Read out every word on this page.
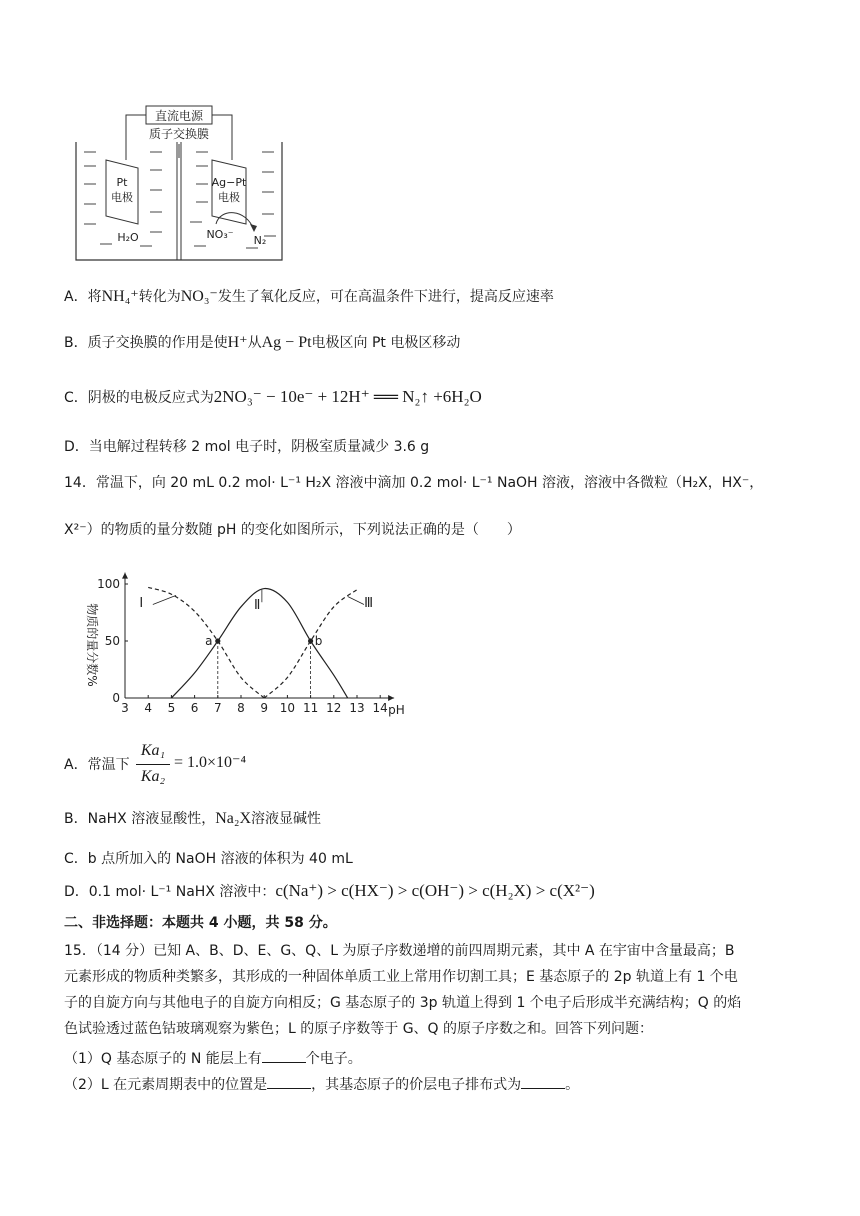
直流电源
质子交换膜
Pt
电极
H₂O
Ag−Pt
电极
NO₃⁻ N₂
A．将NH₄⁺转化为NO₃⁻发生了氧化反应，可在高温条件下进行，提高反应速率
B．质子交换膜的作用是使H⁺从Ag − Pt电极区向 Pt 电极区移动
C．阴极的电极反应式为2NO₃⁻ − 10e⁻ + 12H⁺ ══ N₂↑ +6H₂O
D．当电解过程转移 2 mol 电子时，阴极室质量减少 3.6 g
14．常温下，向 20 mL 0.2 mol· L⁻¹ H₂X 溶液中滴加 0.2 mol· L⁻¹ NaOH 溶液，溶液中各微粒（H₂X，HX⁻，
X²⁻）的物质的量分数随 pH 的变化如图所示，下列说法正确的是（　　）
物质的量分数%
pH
3 4 5 6 7 8 9 10 11 12 13 14
0
50
100
Ⅰ	Ⅱ	Ⅲ
a	b
A．常温下
Ka₁
Ka₂
= 1.0×10⁻⁴
B．NaHX 溶液显酸性，Na₂X溶液显碱性
C．b 点所加入的 NaOH 溶液的体积为 40 mL
D．0.1 mol· L⁻¹ NaHX 溶液中：c(Na⁺) > c(HX⁻) > c(OH⁻) > c(H₂X) > c(X²⁻)
二、非选择题：本题共 4 小题，共 58 分。
15．（14 分）已知 A、B、D、E、G、Q、L 为原子序数递增的前四周期元素，其中 A 在宇宙中含量最高；B
元素形成的物质种类繁多，其形成的一种固体单质工业上常用作切割工具；E 基态原子的 2p 轨道上有 1 个电
子的自旋方向与其他电子的自旋方向相反；G 基态原子的 3p 轨道上得到 1 个电子后形成半充满结构；Q 的焰
色试验透过蓝色钴玻璃观察为紫色；L 的原子序数等于 G、Q 的原子序数之和。回答下列问题：
（1）Q 基态原子的 N 能层上有	个电子。
（2）L 在元素周期表中的位置是	，其基态原子的价层电子排布式为	。
